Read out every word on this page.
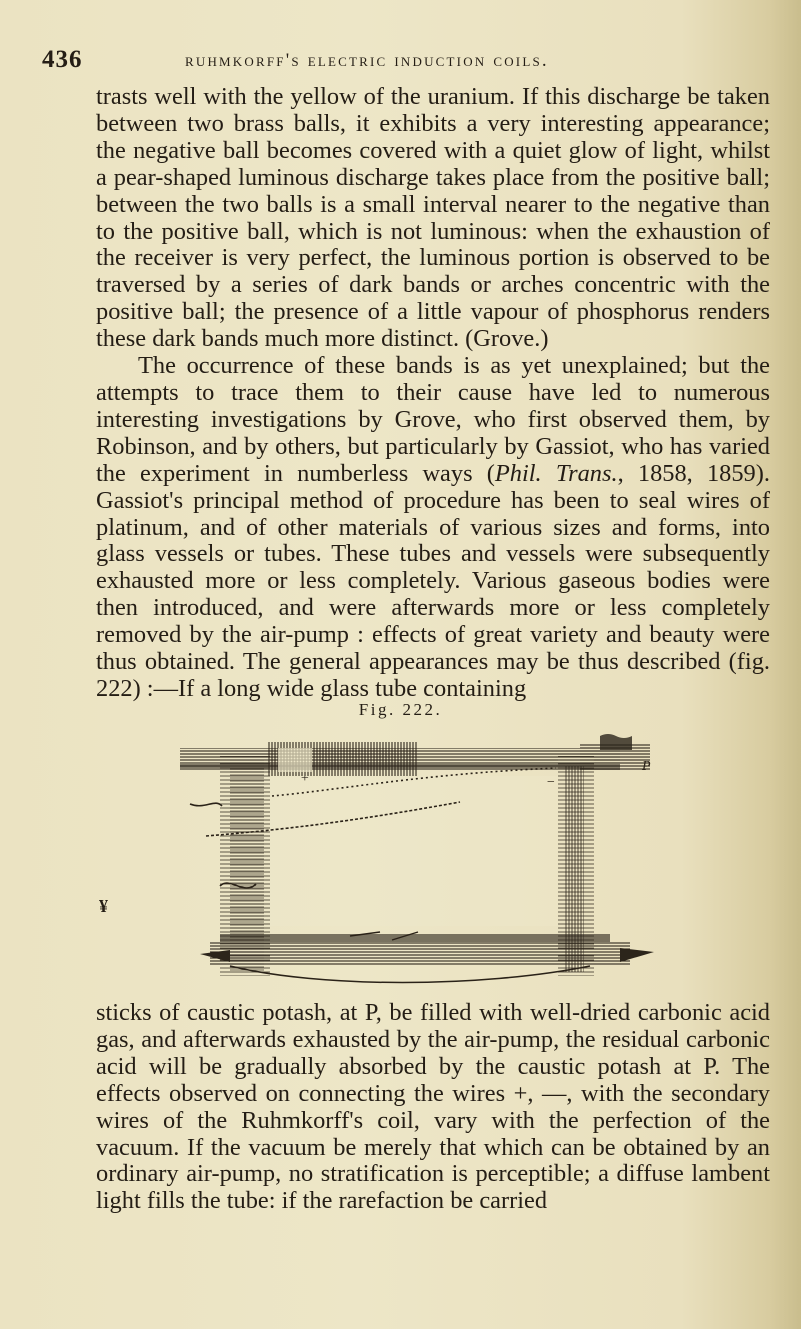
436	ruhmkorff's electric induction coils.

trasts well with the yellow of the uranium. If this discharge be taken between two brass balls, it exhibits a very interesting appearance; the negative ball becomes covered with a quiet glow of light, whilst a pear-shaped luminous discharge takes place from the positive ball; between the two balls is a small interval nearer to the negative than to the positive ball, which is not luminous: when the exhaustion of the receiver is very perfect, the luminous portion is observed to be traversed by a series of dark bands or arches concentric with the positive ball; the presence of a little vapour of phosphorus renders these dark bands much more distinct. (Grove.)

The occurrence of these bands is as yet unexplained; but the attempts to trace them to their cause have led to numerous interesting investigations by Grove, who first observed them, by Robinson, and by others, but particularly by Gassiot, who has varied the experiment in numberless ways (Phil. Trans., 1858, 1859). Gassiot's principal method of procedure has been to seal wires of platinum, and of other materials of various sizes and forms, into glass vessels or tubes. These tubes and vessels were subsequently exhausted more or less completely. Various gaseous bodies were then introduced, and were afterwards more or less completely removed by the air-pump : effects of great variety and beauty were thus obtained. The general appearances may be thus described (fig. 222) :—If a long wide glass tube containing

Fig. 222.
+	−
P
¥

sticks of caustic potash, at P, be filled with well-dried carbonic acid gas, and afterwards exhausted by the air-pump, the residual carbonic acid will be gradually absorbed by the caustic potash at P. The effects observed on connecting the wires +, —, with the secondary wires of the Ruhmkorff's coil, vary with the perfection of the vacuum. If the vacuum be merely that which can be obtained by an ordinary air-pump, no stratification is perceptible; a diffuse lambent light fills the tube: if the rarefaction be carried
